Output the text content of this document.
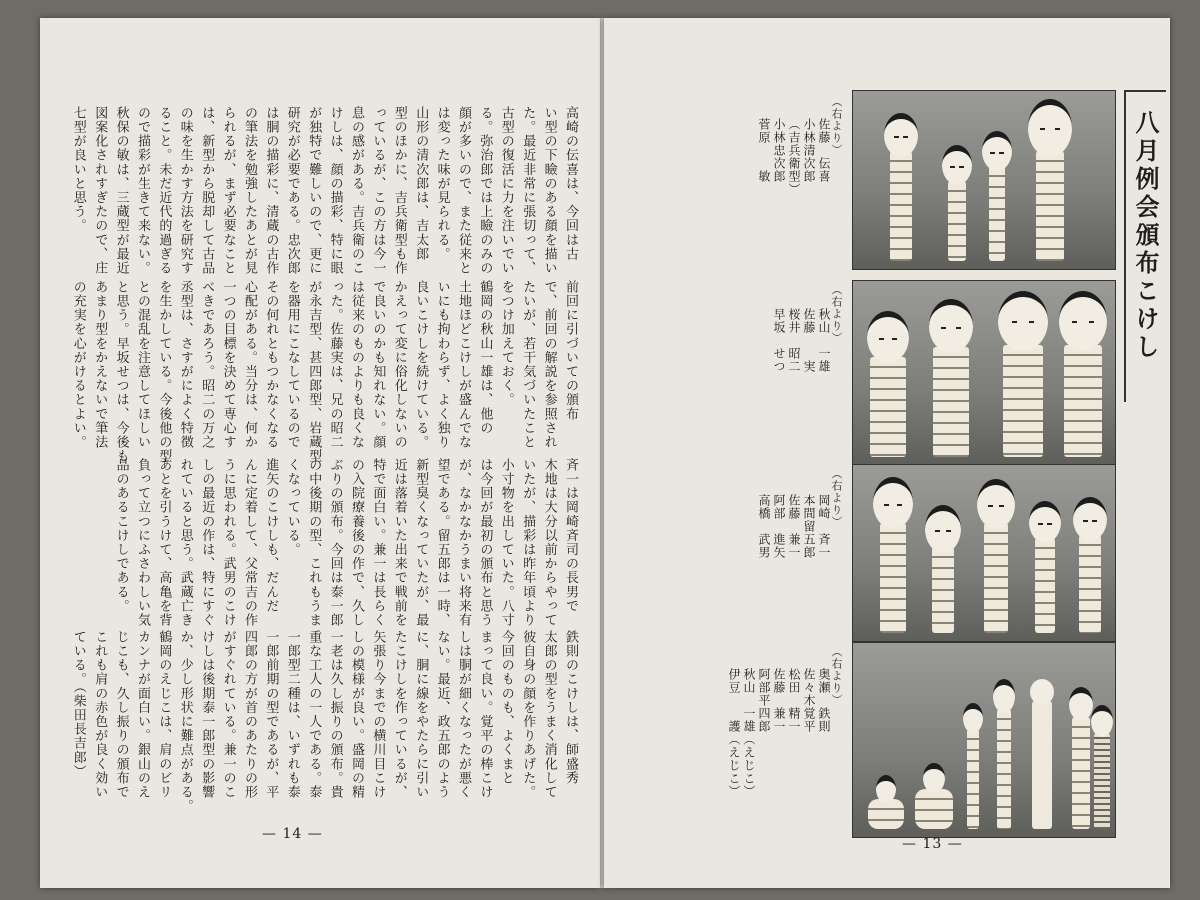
— 14 —
高崎の伝喜は、今回は古
い型の下瞼のある顔を描い
た。最近非常に張切って、
古型の復活に力を注いでい
る。弥治郎では上瞼のみの
顔が多いので、また従来と
は変った味が見られる。
山形の清次郎は、吉太郎
型のほかに、吉兵衛型も作
っているが、この方は今一
息の感がある。吉兵衛のこ
けしは、顔の描彩、特に眼
が独特で難しいので、更に
研究が必要である。忠次郎
は胴の描彩に、清蔵の古作
の筆法を勉強したあとが見
られるが、まず必要なこと
は、新型から脱却して古品
の味を生かす方法を研究す
ること。未だ近代的過ぎる
ので描彩が生きて来ない。
秋保の敏は、三蔵型が最近
図案化されすぎたので、庄
七型が良いと思う。
前回に引づいての頒布
で、前回の解説を参照され
たいが、若干気づいたこと
をつけ加えておく。
鶴岡の秋山一雄は、他の
土地ほどこけしが盛んでな
いにも拘わらず、よく独り
良いこけしを続けている。
かえって変に俗化しないの
で良いのかも知れない。顔
は従来のものよりも良くな
った。佐藤実は、兄の昭二
が永吉型、甚四郎型、岩蔵型
を器用にこなしているので
その何れともつかなくなる
心配がある。当分は、何か
一つの目標を決めて専心す
べきであろう。昭二の万之
丞型は、さすがによく特徴
を生かしている。今後他の型
との混乱を注意してほしい
と思う。早坂せつは、今後も
あまり型をかえないで筆法
の充実を心がけるとよい。
斉一は岡崎斉司の長男で
木地は大分以前からやって
いたが、描彩は昨年頃より
小寸物を出していた。八寸
は今回が最初の頒布と思う
が、なかなかうまい将来有
望である。留五郎は一時、
新型臭くなっていたが、最
近は落着いた出来で戦前を
特で面白い。兼一は長らく
の入院療養後の作で、久し
ぶりの頒布。今回は泰一郎
の中後期の型、これもうま
くなっている。
進矢のこけしも、だんだ
んに定着して、父常吉の作
うに思われる。武男のこけ
しの最近の作は、特にすぐ
れていると思う。武蔵亡き
あとを引うけて、高亀を背
負って立つにふさわしい気
品のあるこけしである。
鉄則のこけしは、師盛秀
太郎の型をうまく消化して
彼自身の顔を作りあげた。
今回のものも、よくまと
まって良い。覚平の棒こけ
しは胴が細くなったが悪く
ない。最近、政五郎のよう
に、胴に線をやたらに引い
たこけしを作っているが、
矢張り今までの横川目こけ
しの模様が良い。盛岡の精
一老は久し振りの頒布。貴
重な工人の一人である。泰
一郎型二種は、いずれも泰
一郎前期の型であるが、平
四郎の方が首のあたりの形
がすぐれている。兼一のこ
けしは後期泰一郎型の影響
か、少し形状に難点がある。
鶴岡のえじこは、肩のビリ
カンナが面白い。銀山のえ
じこも、久し振りの頒布で
これも肩の赤色が良く効い
ている。（柴田長吉郎）
八月例会頒布こけし
（右より）
佐藤　伝喜
小林清次郎
（吉兵衛型）
小林忠次郎
菅原　　敏
（右より）
秋山　一雄
佐藤　　実
桜井　昭二
早坂　せつ
（右より）
岡崎　斉一
本間留五郎
佐藤　兼一
阿部　進矢
高橋　武男
（右より）
奥瀬　鉄則
佐々木覚平
松田　精一
佐藤　兼一
阿部平四郎
秋山　一雄（えじこ）
伊豆　　護（えじこ）
— 13 —
